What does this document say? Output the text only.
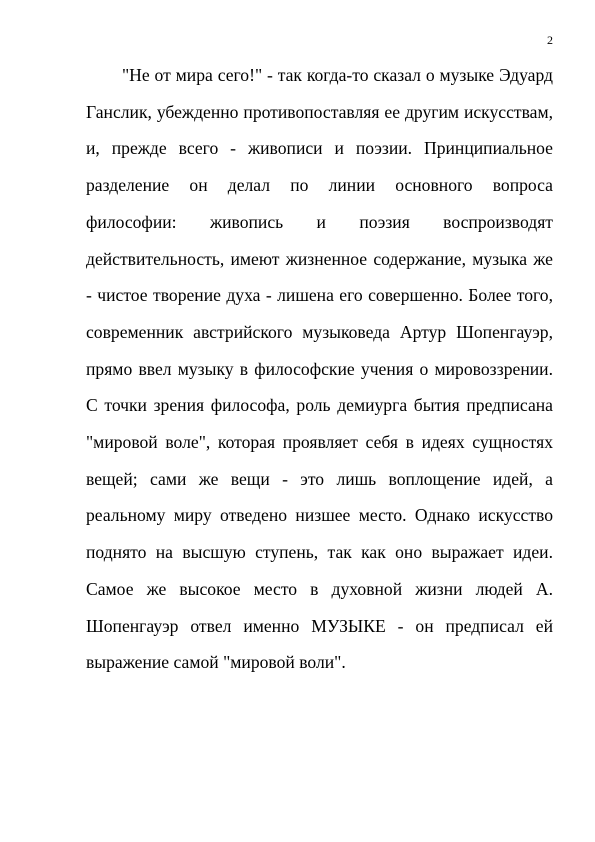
2

"Не от мира сего!" - так когда-то сказал о музыке Эдуард Ганслик, убежденно противопоставляя ее другим искусствам, и, прежде всего - живописи и поэзии. Принципиальное разделение он делал по линии основного вопроса философии: живопись и поэзия воспроизводят действительность, имеют жизненное содержание, музыка же - чистое творение духа - лишена его совершенно. Более того, современник австрийского музыковеда Артур Шопенгауэр, прямо ввел музыку в философские учения о мировоззрении. С точки зрения философа, роль демиурга бытия предписана "мировой воле", которая проявляет себя в идеях сущностях вещей; сами же вещи - это лишь воплощение идей, а реальному миру отведено низшее место. Однако искусство поднято на высшую ступень, так как оно выражает идеи. Самое же высокое место в духовной жизни людей А. Шопенгауэр отвел именно МУЗЫКЕ - он предписал ей выражение самой "мировой воли".
